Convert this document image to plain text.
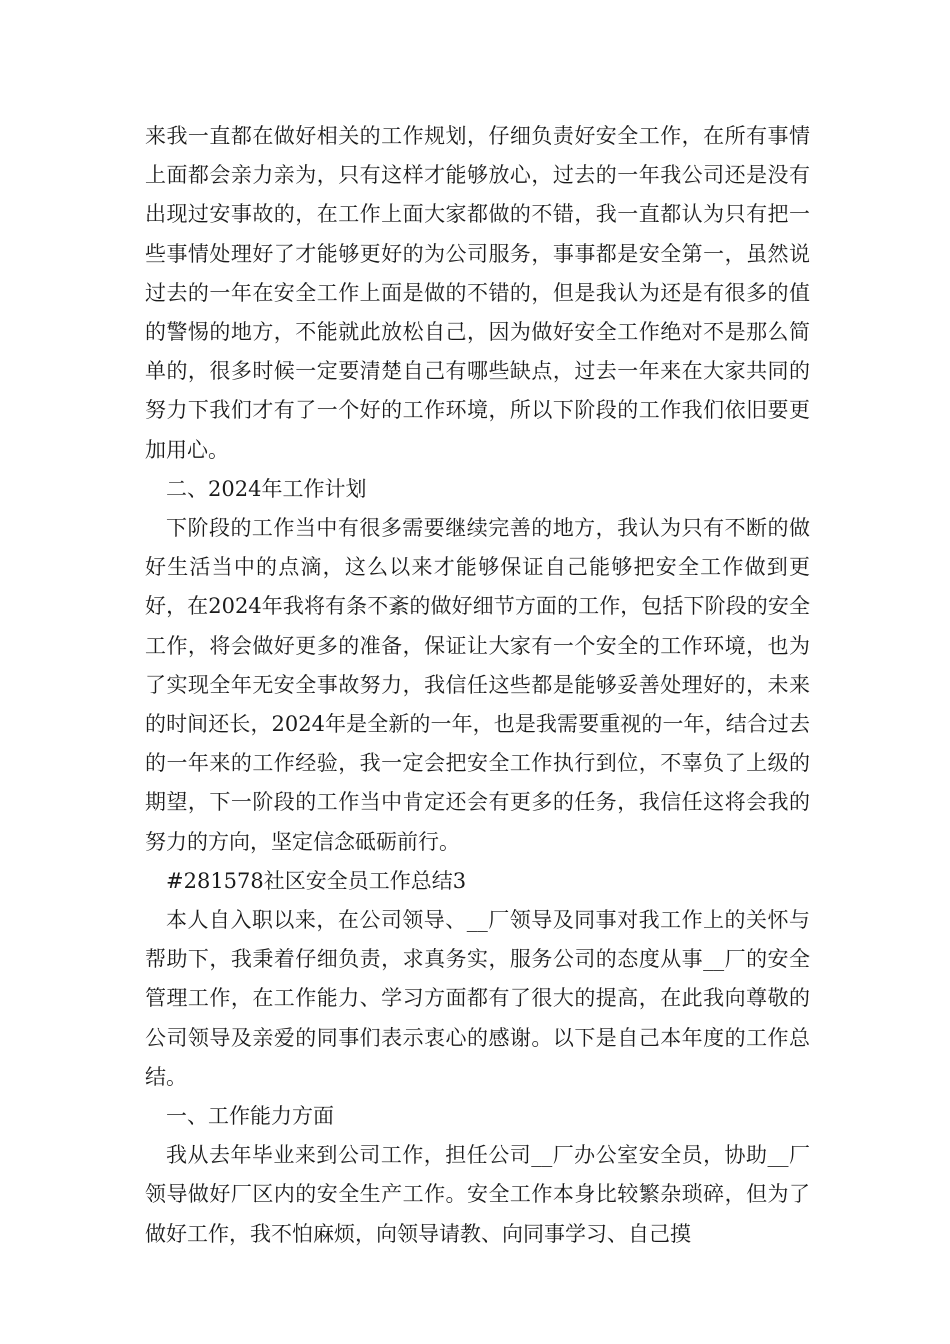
来我一直都在做好相关的工作规划，仔细负责好安全工作，在所有事情上面都会亲力亲为，只有这样才能够放心，过去的一年我公司还是没有出现过安事故的，在工作上面大家都做的不错，我一直都认为只有把一些事情处理好了才能够更好的为公司服务，事事都是安全第一，虽然说过去的一年在安全工作上面是做的不错的，但是我认为还是有很多的值的警惕的地方，不能就此放松自己，因为做好安全工作绝对不是那么简单的，很多时候一定要清楚自己有哪些缺点，过去一年来在大家共同的努力下我们才有了一个好的工作环境，所以下阶段的工作我们依旧要更加用心。

二、2024年工作计划

下阶段的工作当中有很多需要继续完善的地方，我认为只有不断的做好生活当中的点滴，这么以来才能够保证自己能够把安全工作做到更好，在2024年我将有条不紊的做好细节方面的工作，包括下阶段的安全工作，将会做好更多的准备，保证让大家有一个安全的工作环境，也为了实现全年无安全事故努力，我信任这些都是能够妥善处理好的，未来的时间还长，2024年是全新的一年，也是我需要重视的一年，结合过去的一年来的工作经验，我一定会把安全工作执行到位，不辜负了上级的期望，下一阶段的工作当中肯定还会有更多的任务，我信任这将会我的努力的方向，坚定信念砥砺前行。

#281578社区安全员工作总结3

本人自入职以来，在公司领导、__厂领导及同事对我工作上的关怀与帮助下，我秉着仔细负责，求真务实，服务公司的态度从事__厂的安全管理工作，在工作能力、学习方面都有了很大的提高，在此我向尊敬的公司领导及亲爱的同事们表示衷心的感谢。以下是自己本年度的工作总结。

一、工作能力方面

我从去年毕业来到公司工作，担任公司__厂办公室安全员，协助__厂领导做好厂区内的安全生产工作。安全工作本身比较繁杂琐碎，但为了做好工作，我不怕麻烦，向领导请教、向同事学习、自己摸
